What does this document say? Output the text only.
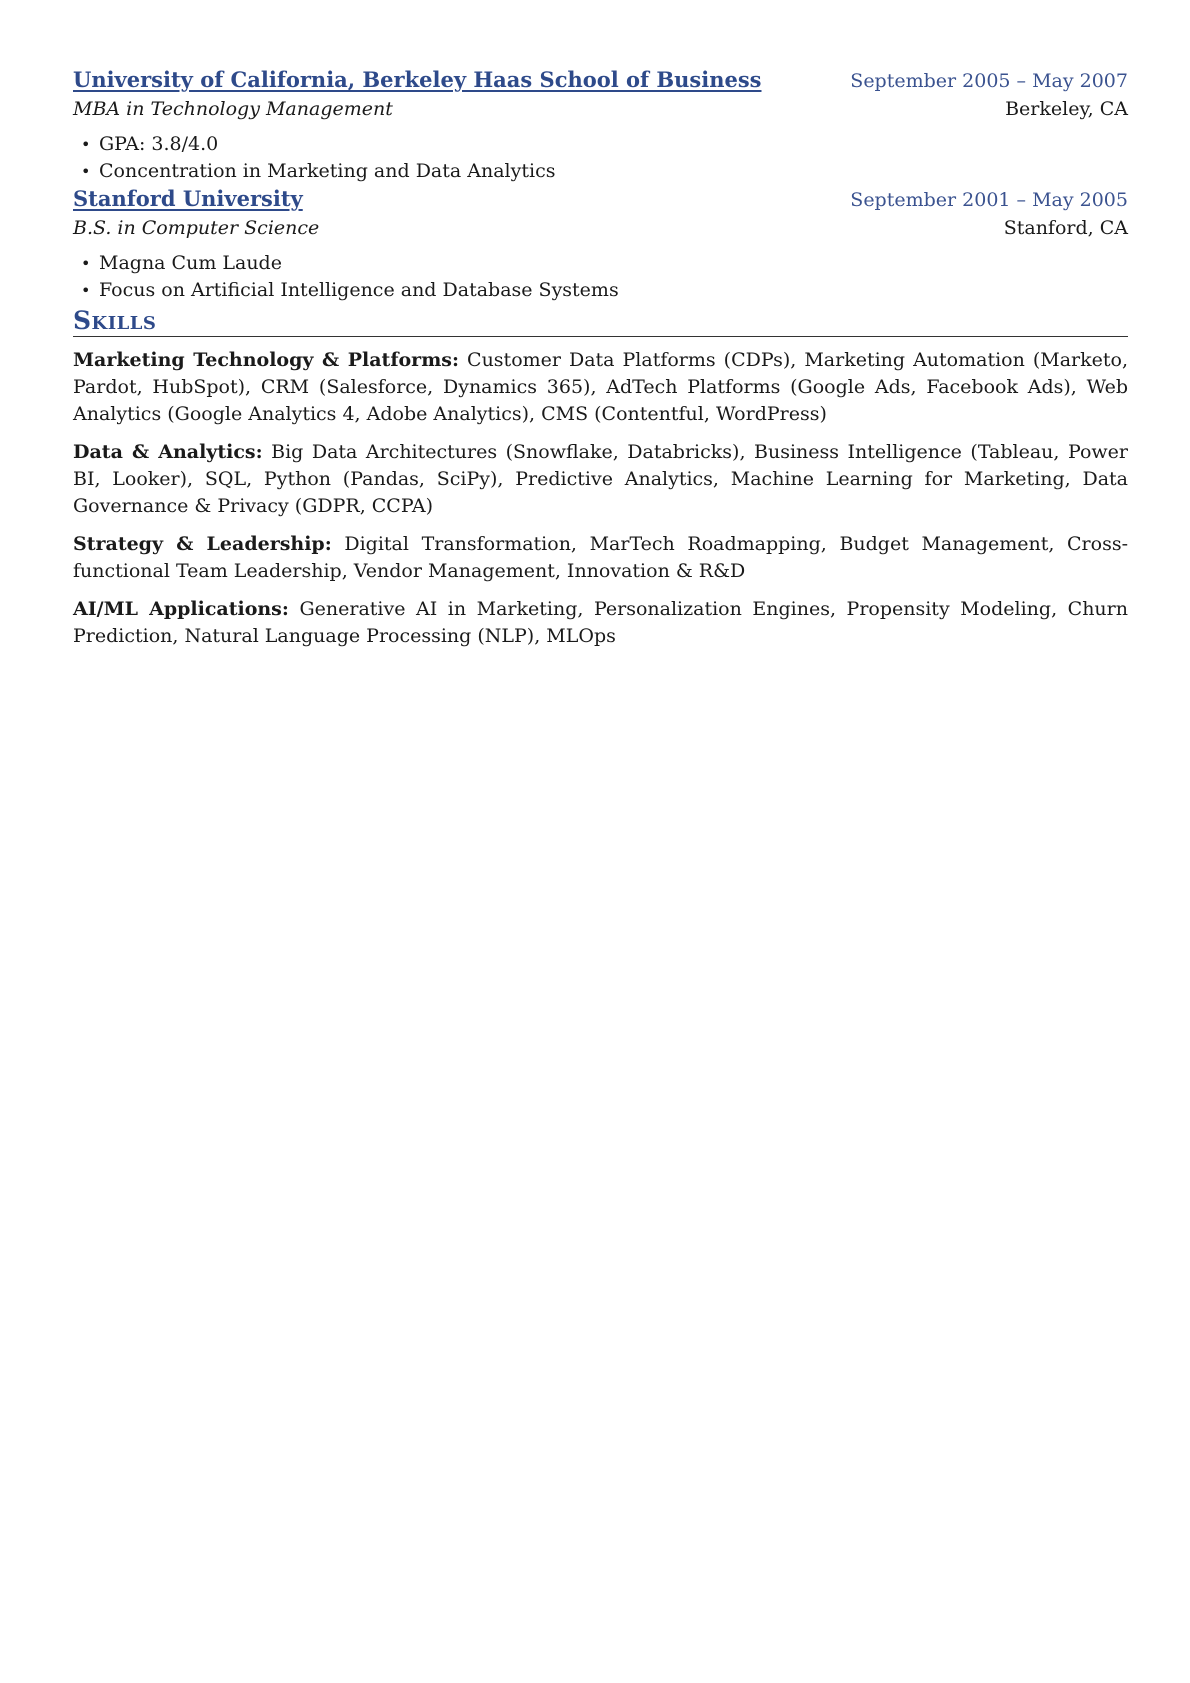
University of California, Berkeley Haas School of Business	September 2005 – May 2007
MBA in Technology Management	Berkeley, CA
• GPA: 3.8/4.0
• Concentration in Marketing and Data Analytics
Stanford University	September 2001 – May 2005
B.S. in Computer Science	Stanford, CA
• Magna Cum Laude
• Focus on Artificial Intelligence and Database Systems
Skills

Marketing Technology & Platforms: Customer Data Platforms (CDPs), Marketing Automation (Marketo, Pardot, HubSpot), CRM (Salesforce, Dynamics 365), AdTech Platforms (Google Ads, Facebook Ads), Web Analytics (Google Analytics 4, Adobe Analytics), CMS (Contentful, WordPress)

Data & Analytics: Big Data Architectures (Snowflake, Databricks), Business Intelligence (Tableau, Power BI, Looker), SQL, Python (Pandas, SciPy), Predictive Analytics, Machine Learning for Marketing, Data Governance & Privacy (GDPR, CCPA)

Strategy & Leadership: Digital Transformation, MarTech Roadmapping, Budget Management, Cross-functional Team Leadership, Vendor Management, Innovation & R&D

AI/ML Applications: Generative AI in Marketing, Personalization Engines, Propensity Modeling, Churn Prediction, Natural Language Processing (NLP), MLOps
